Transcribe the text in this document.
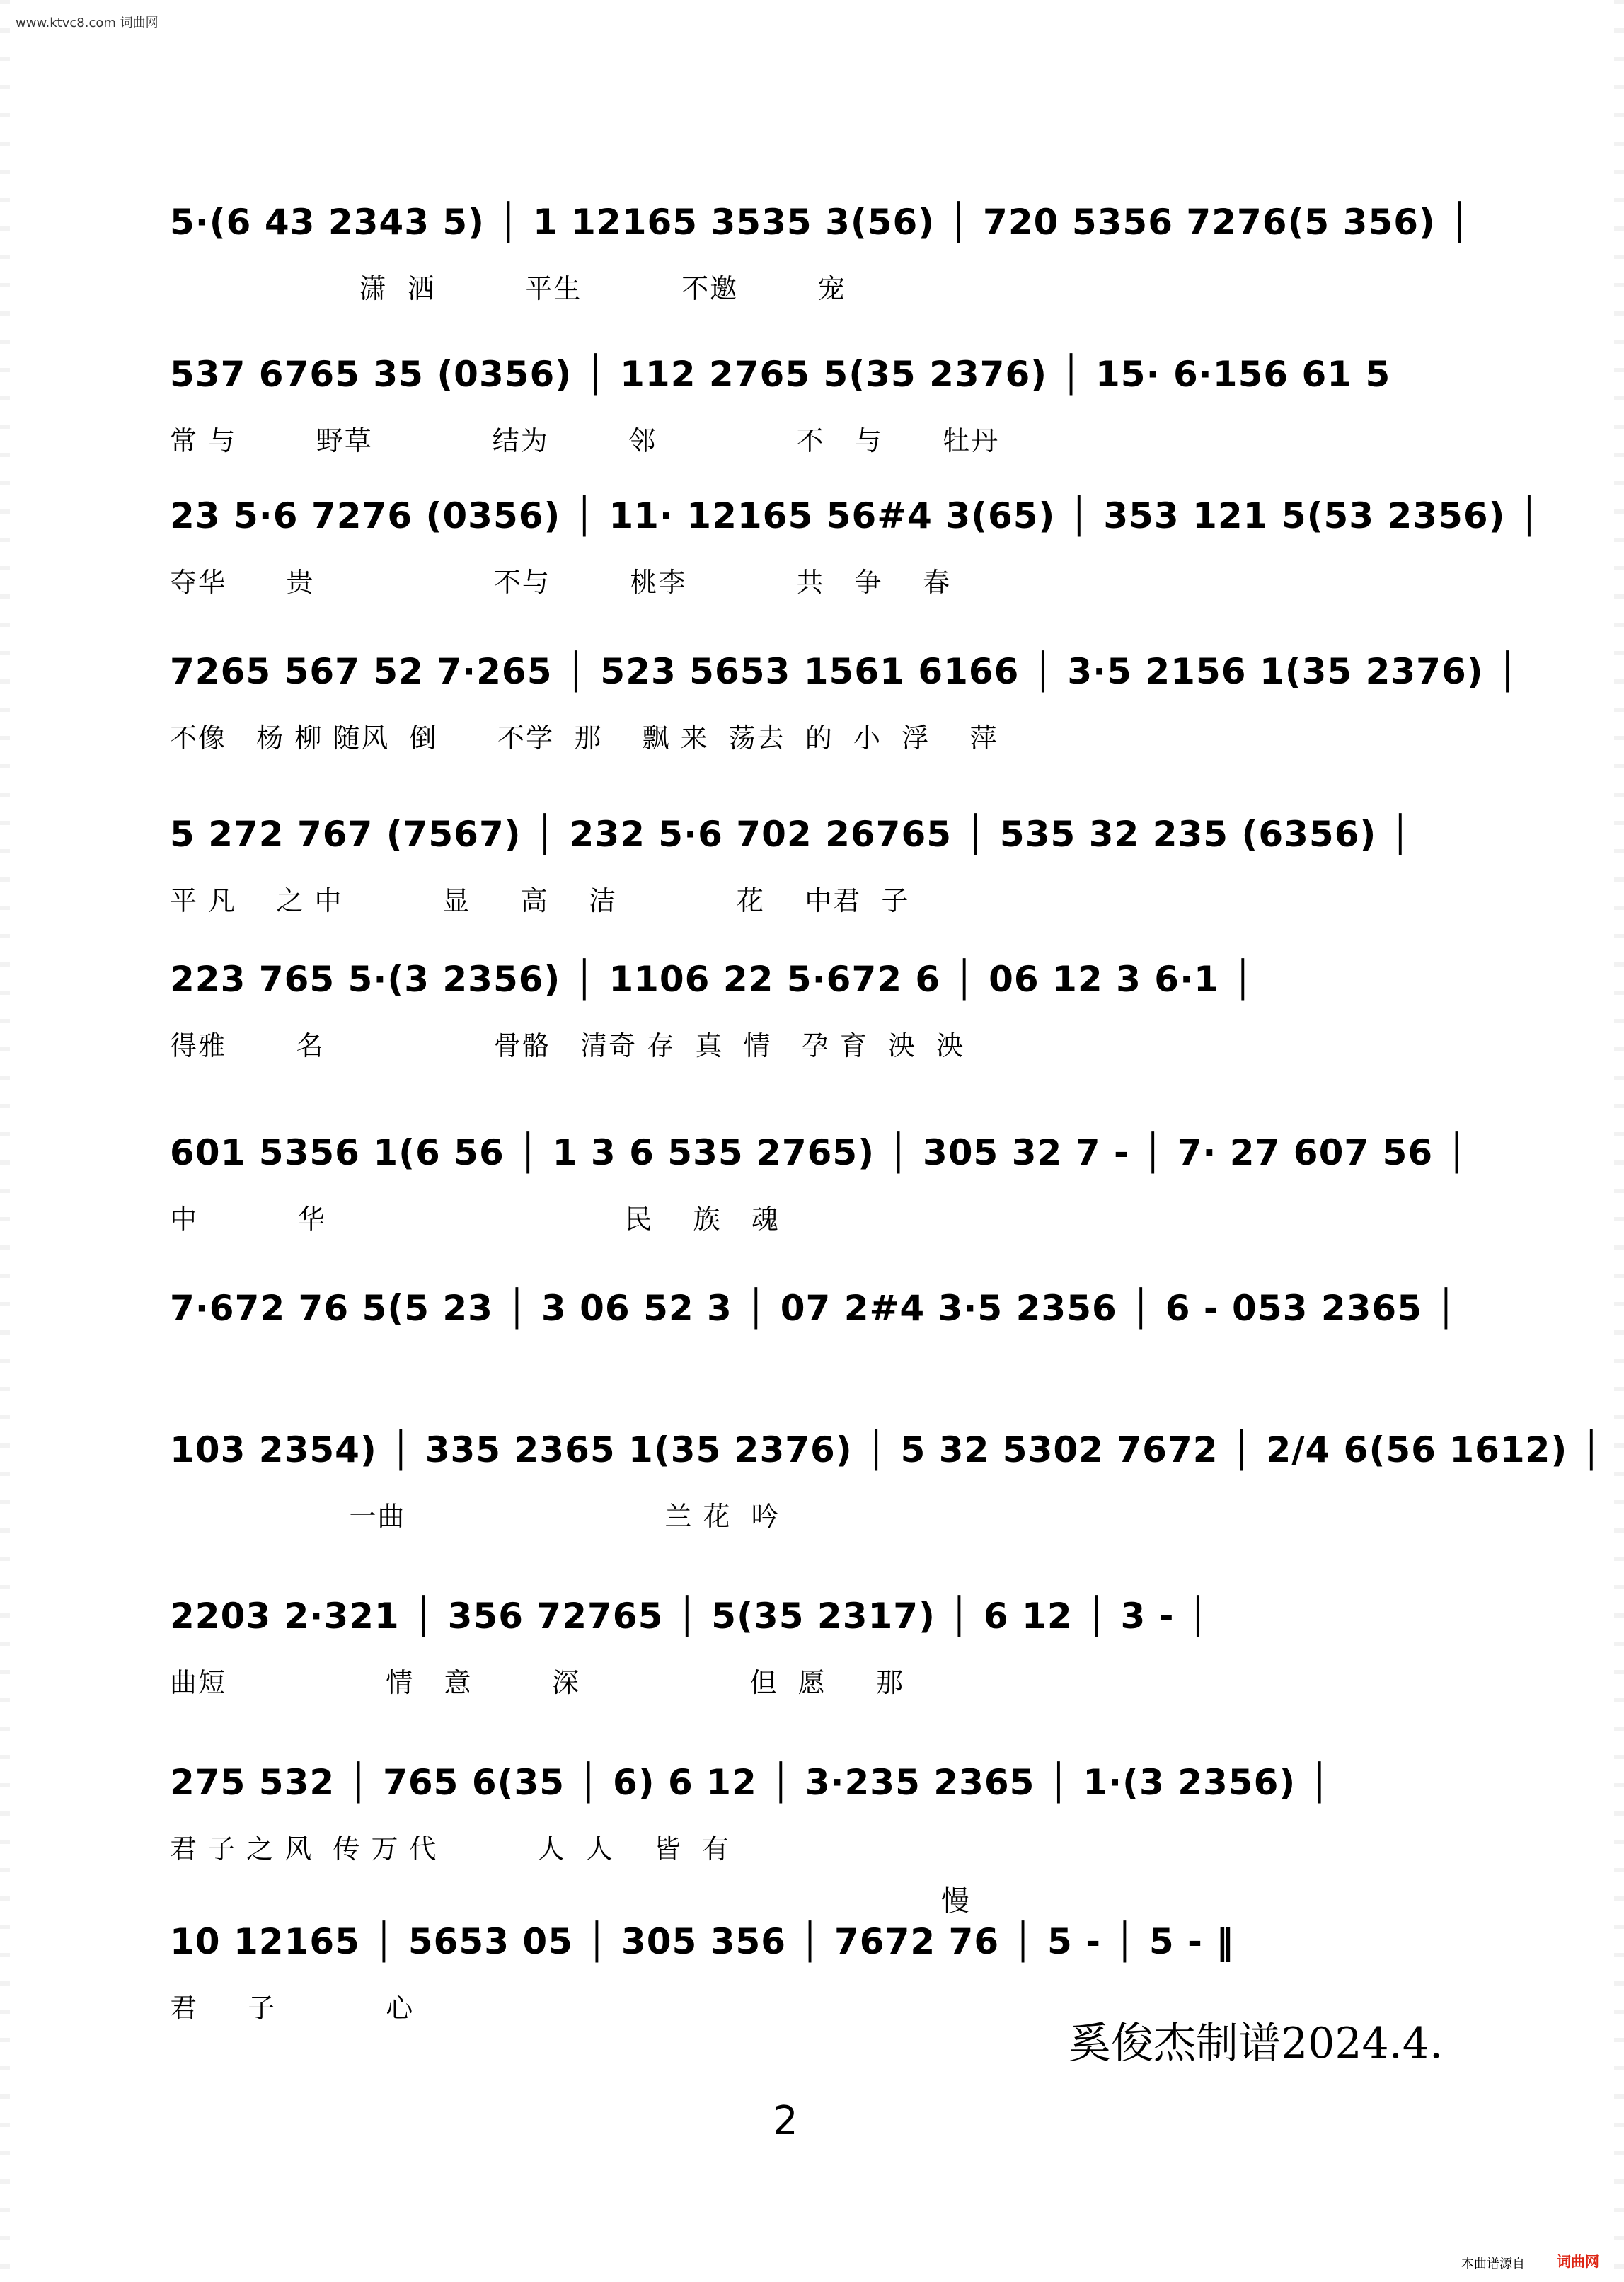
www.ktvc8.com 词曲网
5·(6 43 2343 5) │ 1 12165 3535 3(56) │ 720 5356 7276(5 356) │
潇  洒         平生          不邀        宠
537 6765 35 (0356) │ 112 2765 5(35 2376) │ 15· 6·156 61 5
常 与        野草            结为        邻              不   与      牡丹
23 5·6 7276 (0356) │ 11· 12165 56#4 3(65) │ 353 121 5(53 2356) │
夺华      贵                  不与        桃李           共   争    春
7265 567 52 7·265 │ 523 5653 1561 6166 │ 3·5 2156 1(35 2376) │
不像   杨 柳 随风  倒      不学  那    飘 来  荡去  的  小  浮    萍
5 272 767 (7567) │ 232 5·6 702 26765 │ 535 32 235 (6356) │
平 凡    之 中          显     高    洁            花    中君  子
223 765 5·(3 2356) │ 1106 22 5·672 6 │ 06 12 3 6·1 │
得雅       名                 骨骼   清奇 存  真  情   孕 育  泱  泱
601 5356 1(6 56 │ 1 3 6 535 2765) │ 305 32 7 - │ 7· 27 607 56 │
中          华                              民    族   魂
7·672 76 5(5 23 │ 3 06 52 3 │ 07 2#4 3·5 2356 │ 6 - 053 2365 │
103 2354) │ 335 2365 1(35 2376) │ 5 32 5302 7672 │ 2/4 6(56 1612) │
一曲                          兰 花  吟
2203 2·321 │ 356 72765 │ 5(35 2317) │ 6 12 │ 3 - │
曲短                情   意        深                 但  愿     那
275 532 │ 765 6(35 │ 6) 6 12 │ 3·235 2365 │ 1·(3 2356) │
君 子 之 风  传 万 代          人  人    皆  有
10 12165 │ 5653 05 │ 305 356 │ 7672 76 │ 5 - │ 5 - ‖
君     子           心
慢
奚俊杰制谱2024.4.
2
本曲谱源自 词曲网
